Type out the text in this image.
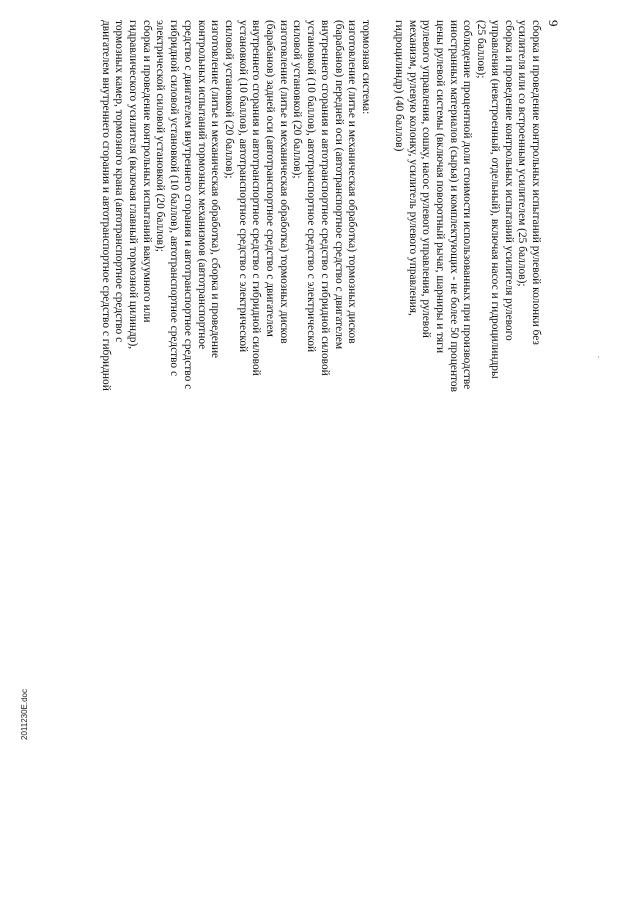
9
сборка и проведение контрольных испытаний рулевой колонки без
усилителя или со встроенным усилителем (25 баллов);
сборка и проведение контрольных испытаний усилителя рулевого
управления (невстроенный, отдельный), включая насос и гидроцилиндры
(25 баллов);
соблюдение процентной доли стоимости использованных при производстве
иностранных материалов (сырья) и комплектующих - не более 50 процентов
цены рулевой системы (включая поворотный рычаг, шарниры и тяги
рулевого управления, сошку, насос рулевого управления, рулевой
механизм, рулевую колонку, усилитель рулевого управления,
гидроцилиндр) (40 баллов)
тормозная система:
изготовление (литье и механическая обработка) тормозных дисков
(барабанов) передней оси (автотранспортное средство с двигателем
внутреннего сгорания и автотранспортное средство с гибридной силовой
установкой (10 баллов), автотранспортное средство с электрической
силовой установкой (20 баллов);
изготовление (литье и механическая обработка) тормозных дисков
(барабанов) задней оси (автотранспортное средство с двигателем
внутреннего сгорания и автотранспортное средство с гибридной силовой
установкой (10 баллов), автотранспортное средство с электрической
силовой установкой (20 баллов);
изготовление (литье и механическая обработка), сборка и проведение
контрольных испытаний тормозных механизмов (автотранспортное
средство с двигателем внутреннего сгорания и автотранспортное средство с
гибридной силовой установкой (10 баллов), автотранспортное средство с
электрической силовой установкой (20 баллов);
сборка и проведение контрольных испытаний вакуумного или
гидравлического усилителя (включая главный тормозной цилиндр),
тормозных камер, тормозного крана (автотранспортное средство с
двигателем внутреннего сгорания и автотранспортное средство с гибридной
2011230E.doc
